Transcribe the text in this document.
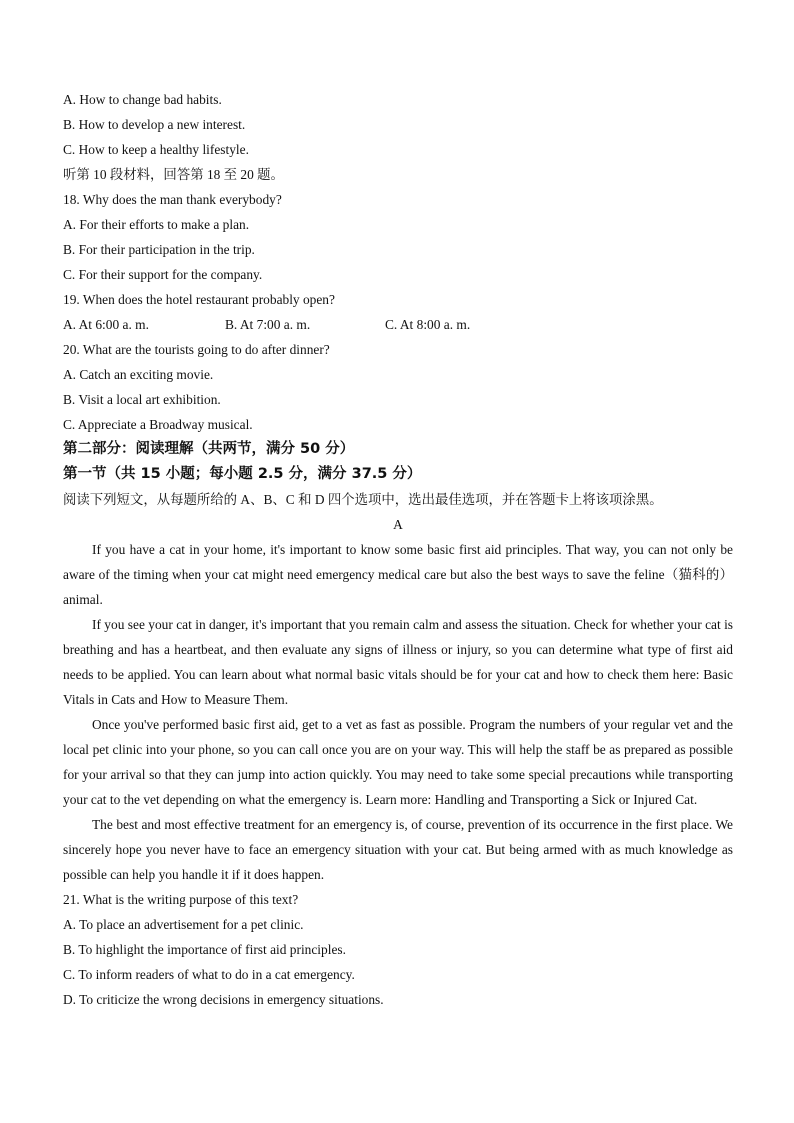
A. How to change bad habits.
B. How to develop a new interest.
C. How to keep a healthy lifestyle.
听第 10 段材料，回答第 18 至 20 题。
18. Why does the man thank everybody?
A. For their efforts to make a plan.
B. For their participation in the trip.
C. For their support for the company.
19. When does the hotel restaurant probably open?
A. At 6:00 a. m.	B. At 7:00 a. m.	C. At 8:00 a. m.
20. What are the tourists going to do after dinner?
A. Catch an exciting movie.
B. Visit a local art exhibition.
C. Appreciate a Broadway musical.
第二部分：阅读理解（共两节，满分 50 分）
第一节（共 15 小题；每小题 2.5 分，满分 37.5 分）
阅读下列短文，从每题所给的 A、B、C 和 D 四个选项中，选出最佳选项，并在答题卡上将该项涂黑。
A

If you have a cat in your home, it's important to know some basic first aid principles. That way, you can not only be aware of the timing when your cat might need emergency medical care but also the best ways to save the feline（猫科的）animal.

If you see your cat in danger, it's important that you remain calm and assess the situation. Check for whether your cat is breathing and has a heartbeat, and then evaluate any signs of illness or injury, so you can determine what type of first aid needs to be applied. You can learn about what normal basic vitals should be for your cat and how to check them here: Basic Vitals in Cats and How to Measure Them.

Once you've performed basic first aid, get to a vet as fast as possible. Program the numbers of your regular vet and the local pet clinic into your phone, so you can call once you are on your way. This will help the staff be as prepared as possible for your arrival so that they can jump into action quickly. You may need to take some special precautions while transporting your cat to the vet depending on what the emergency is. Learn more: Handling and Transporting a Sick or Injured Cat.

The best and most effective treatment for an emergency is, of course, prevention of its occurrence in the first place. We sincerely hope you never have to face an emergency situation with your cat. But being armed with as much knowledge as possible can help you handle it if it does happen.

21. What is the writing purpose of this text?
A. To place an advertisement for a pet clinic.
B. To highlight the importance of first aid principles.
C. To inform readers of what to do in a cat emergency.
D. To criticize the wrong decisions in emergency situations.
